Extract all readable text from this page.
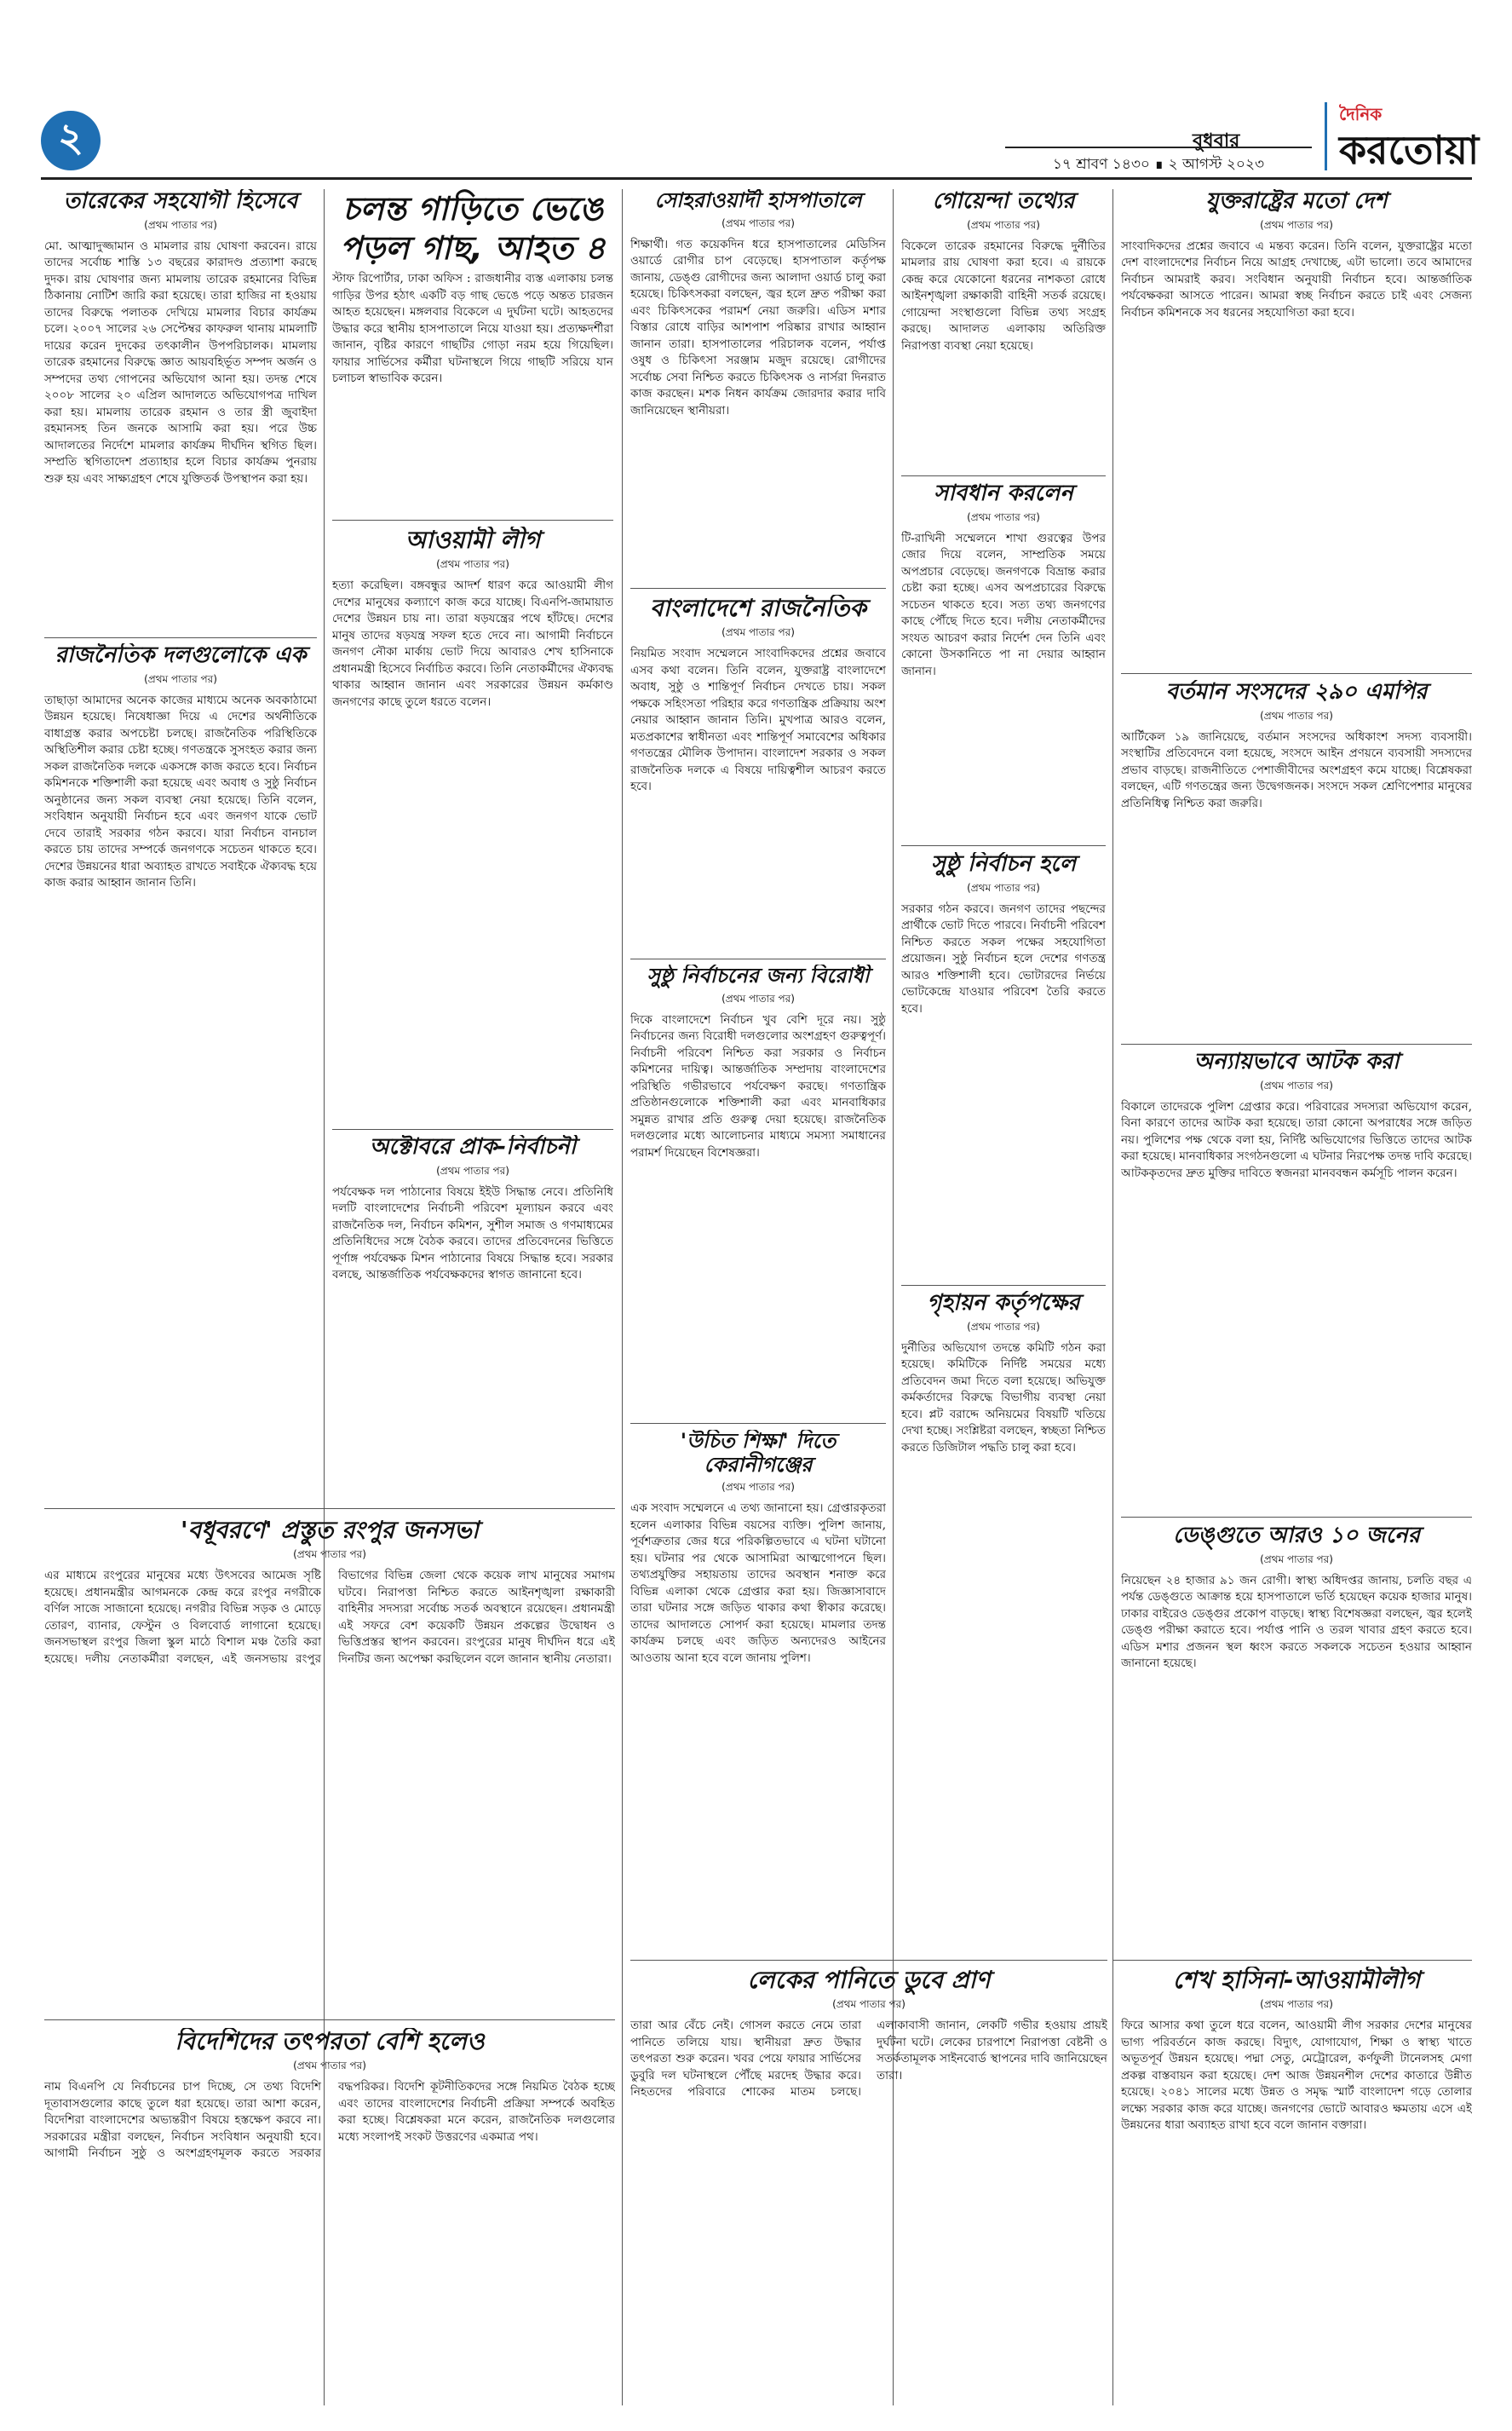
২	বুধবার
১৭ শ্রাবণ ১৪৩০ ∎ ২ আগস্ট ২০২৩
দৈনিক
করতোয়া
তারেকের সহযোগী হিসেবে
(প্রথম পাতার পর)

মো. আত্মাদুজ্জামান ও মামলার রায় ঘোষণা করবেন। রায়ে তাদের সর্বোচ্চ শাস্তি ১৩ বছরের কারাদণ্ড প্রত্যাশা করছে দুদক। রায় ঘোষণার জন্য মামলায় তারেক রহমানের বিভিন্ন ঠিকানায় নোটিশ জারি করা হয়েছে। তারা হাজির না হওয়ায় তাদের বিরুদ্ধে পলাতক দেখিয়ে মামলার বিচার কার্যক্রম চলে। ২০০৭ সালের ২৬ সেপ্টেম্বর কাফরুল থানায় মামলাটি দায়ের করেন দুদকের তৎকালীন উপপরিচালক। মামলায় তারেক রহমানের বিরুদ্ধে জ্ঞাত আয়বহির্ভূত সম্পদ অর্জন ও সম্পদের তথ্য গোপনের অভিযোগ আনা হয়। তদন্ত শেষে ২০০৮ সালের ২০ এপ্রিল আদালতে অভিযোগপত্র দাখিল করা হয়। মামলায় তারেক রহমান ও তার স্ত্রী জুবাইদা রহমানসহ তিন জনকে আসামি করা হয়। পরে উচ্চ আদালতের নির্দেশে মামলার কার্যক্রম দীর্ঘদিন স্থগিত ছিল। সম্প্রতি স্থগিতাদেশ প্রত্যাহার হলে বিচার কার্যক্রম পুনরায় শুরু হয় এবং সাক্ষ্যগ্রহণ শেষে যুক্তিতর্ক উপস্থাপন করা হয়।

রাজনৈতিক দলগুলোকে এক
(প্রথম পাতার পর)

তাছাড়া আমাদের অনেক কাজের মাধ্যমে অনেক অবকাঠামো উন্নয়ন হয়েছে। নিষেধাজ্ঞা দিয়ে এ দেশের অর্থনীতিকে বাধাগ্রস্ত করার অপচেষ্টা চলছে। রাজনৈতিক পরিস্থিতিকে অস্থিতিশীল করার চেষ্টা হচ্ছে। গণতন্ত্রকে সুসংহত করার জন্য সকল রাজনৈতিক দলকে একসঙ্গে কাজ করতে হবে। নির্বাচন কমিশনকে শক্তিশালী করা হয়েছে এবং অবাধ ও সুষ্ঠু নির্বাচন অনুষ্ঠানের জন্য সকল ব্যবস্থা নেয়া হয়েছে। তিনি বলেন, সংবিধান অনুযায়ী নির্বাচন হবে এবং জনগণ যাকে ভোট দেবে তারাই সরকার গঠন করবে। যারা নির্বাচন বানচাল করতে চায় তাদের সম্পর্কে জনগণকে সচেতন থাকতে হবে। দেশের উন্নয়নের ধারা অব্যাহত রাখতে সবাইকে ঐক্যবদ্ধ হয়ে কাজ করার আহ্বান জানান তিনি।

'বধূবরণে' প্রস্তুত রংপুর জনসভা
(প্রথম পাতার পর)

এর মাধ্যমে রংপুরের মানুষের মধ্যে উৎসবের আমেজ সৃষ্টি হয়েছে। প্রধানমন্ত্রীর আগমনকে কেন্দ্র করে রংপুর নগরীকে বর্ণিল সাজে সাজানো হয়েছে। নগরীর বিভিন্ন সড়ক ও মোড়ে তোরণ, ব্যানার, ফেস্টুন ও বিলবোর্ড লাগানো হয়েছে। জনসভাস্থল রংপুর জিলা স্কুল মাঠে বিশাল মঞ্চ তৈরি করা হয়েছে। দলীয় নেতাকর্মীরা বলছেন, এই জনসভায় রংপুর বিভাগের বিভিন্ন জেলা থেকে কয়েক লাখ মানুষের সমাগম ঘটবে। নিরাপত্তা নিশ্চিত করতে আইনশৃঙ্খলা রক্ষাকারী বাহিনীর সদস্যরা সর্বোচ্চ সতর্ক অবস্থানে রয়েছেন। প্রধানমন্ত্রী এই সফরে বেশ কয়েকটি উন্নয়ন প্রকল্পের উদ্বোধন ও ভিত্তিপ্রস্তর স্থাপন করবেন। রংপুরের মানুষ দীর্ঘদিন ধরে এই দিনটির জন্য অপেক্ষা করছিলেন বলে জানান স্থানীয় নেতারা।

বিদেশিদের তৎপরতা বেশি হলেও
(প্রথম পাতার পর)

নাম বিএনপি যে নির্বাচনের চাপ দিচ্ছে, সে তথ্য বিদেশি দূতাবাসগুলোর কাছে তুলে ধরা হয়েছে। তারা আশা করেন, বিদেশিরা বাংলাদেশের অভ্যন্তরীণ বিষয়ে হস্তক্ষেপ করবে না। সরকারের মন্ত্রীরা বলছেন, নির্বাচন সংবিধান অনুযায়ী হবে। আগামী নির্বাচন সুষ্ঠু ও অংশগ্রহণমূলক করতে সরকার বদ্ধপরিকর। বিদেশি কূটনীতিকদের সঙ্গে নিয়মিত বৈঠক হচ্ছে এবং তাদের বাংলাদেশের নির্বাচনী প্রক্রিয়া সম্পর্কে অবহিত করা হচ্ছে। বিশ্লেষকরা মনে করেন, রাজনৈতিক দলগুলোর মধ্যে সংলাপই সংকট উত্তরণের একমাত্র পথ।

চলন্ত গাড়িতে ভেঙে পড়ল গাছ, আহত ৪

স্টাফ রিপোর্টার, ঢাকা অফিস : রাজধানীর ব্যস্ত এলাকায় চলন্ত গাড়ির উপর হঠাৎ একটি বড় গাছ ভেঙে পড়ে অন্তত চারজন আহত হয়েছেন। মঙ্গলবার বিকেলে এ দুর্ঘটনা ঘটে। আহতদের উদ্ধার করে স্থানীয় হাসপাতালে নিয়ে যাওয়া হয়। প্রত্যক্ষদর্শীরা জানান, বৃষ্টির কারণে গাছটির গোড়া নরম হয়ে গিয়েছিল। ফায়ার সার্ভিসের কর্মীরা ঘটনাস্থলে গিয়ে গাছটি সরিয়ে যান চলাচল স্বাভাবিক করেন।

আওয়ামী লীগ
(প্রথম পাতার পর)

হত্যা করেছিল। বঙ্গবন্ধুর আদর্শ ধারণ করে আওয়ামী লীগ দেশের মানুষের কল্যাণে কাজ করে যাচ্ছে। বিএনপি-জামায়াত দেশের উন্নয়ন চায় না। তারা ষড়যন্ত্রের পথে হাঁটছে। দেশের মানুষ তাদের ষড়যন্ত্র সফল হতে দেবে না। আগামী নির্বাচনে জনগণ নৌকা মার্কায় ভোট দিয়ে আবারও শেখ হাসিনাকে প্রধানমন্ত্রী হিসেবে নির্বাচিত করবে। তিনি নেতাকর্মীদের ঐক্যবদ্ধ থাকার আহ্বান জানান এবং সরকারের উন্নয়ন কর্মকাণ্ড জনগণের কাছে তুলে ধরতে বলেন।

অক্টোবরে প্রাক-নির্বাচনী
(প্রথম পাতার পর)

পর্যবেক্ষক দল পাঠানোর বিষয়ে ইইউ সিদ্ধান্ত নেবে। প্রতিনিধি দলটি বাংলাদেশের নির্বাচনী পরিবেশ মূল্যায়ন করবে এবং রাজনৈতিক দল, নির্বাচন কমিশন, সুশীল সমাজ ও গণমাধ্যমের প্রতিনিধিদের সঙ্গে বৈঠক করবে। তাদের প্রতিবেদনের ভিত্তিতে পূর্ণাঙ্গ পর্যবেক্ষক মিশন পাঠানোর বিষয়ে সিদ্ধান্ত হবে। সরকার বলছে, আন্তর্জাতিক পর্যবেক্ষকদের স্বাগত জানানো হবে।

সোহরাওয়ার্দী হাসপাতালে
(প্রথম পাতার পর)

শিক্ষার্থী। গত কয়েকদিন ধরে হাসপাতালের মেডিসিন ওয়ার্ডে রোগীর চাপ বেড়েছে। হাসপাতাল কর্তৃপক্ষ জানায়, ডেঙ্গু রোগীদের জন্য আলাদা ওয়ার্ড চালু করা হয়েছে। চিকিৎসকরা বলছেন, জ্বর হলে দ্রুত পরীক্ষা করা এবং চিকিৎসকের পরামর্শ নেয়া জরুরি। এডিস মশার বিস্তার রোধে বাড়ির আশপাশ পরিষ্কার রাখার আহ্বান জানান তারা। হাসপাতালের পরিচালক বলেন, পর্যাপ্ত ওষুধ ও চিকিৎসা সরঞ্জাম মজুদ রয়েছে। রোগীদের সর্বোচ্চ সেবা নিশ্চিত করতে চিকিৎসক ও নার্সরা দিনরাত কাজ করছেন। মশক নিধন কার্যক্রম জোরদার করার দাবি জানিয়েছেন স্থানীয়রা।

বাংলাদেশে রাজনৈতিক
(প্রথম পাতার পর)

নিয়মিত সংবাদ সম্মেলনে সাংবাদিকদের প্রশ্নের জবাবে এসব কথা বলেন। তিনি বলেন, যুক্তরাষ্ট্র বাংলাদেশে অবাধ, সুষ্ঠু ও শান্তিপূর্ণ নির্বাচন দেখতে চায়। সকল পক্ষকে সহিংসতা পরিহার করে গণতান্ত্রিক প্রক্রিয়ায় অংশ নেয়ার আহ্বান জানান তিনি। মুখপাত্র আরও বলেন, মতপ্রকাশের স্বাধীনতা এবং শান্তিপূর্ণ সমাবেশের অধিকার গণতন্ত্রের মৌলিক উপাদান। বাংলাদেশ সরকার ও সকল রাজনৈতিক দলকে এ বিষয়ে দায়িত্বশীল আচরণ করতে হবে।

সুষ্ঠু নির্বাচনের জন্য বিরোধী
(প্রথম পাতার পর)

দিকে বাংলাদেশে নির্বাচন খুব বেশি দূরে নয়। সুষ্ঠু নির্বাচনের জন্য বিরোধী দলগুলোর অংশগ্রহণ গুরুত্বপূর্ণ। নির্বাচনী পরিবেশ নিশ্চিত করা সরকার ও নির্বাচন কমিশনের দায়িত্ব। আন্তর্জাতিক সম্প্রদায় বাংলাদেশের পরিস্থিতি গভীরভাবে পর্যবেক্ষণ করছে। গণতান্ত্রিক প্রতিষ্ঠানগুলোকে শক্তিশালী করা এবং মানবাধিকার সমুন্নত রাখার প্রতি গুরুত্ব দেয়া হয়েছে। রাজনৈতিক দলগুলোর মধ্যে আলোচনার মাধ্যমে সমস্যা সমাধানের পরামর্শ দিয়েছেন বিশেষজ্ঞরা।

'উচিত শিক্ষা' দিতে কেরানীগঞ্জের
(প্রথম পাতার পর)

এক সংবাদ সম্মেলনে এ তথ্য জানানো হয়। গ্রেপ্তারকৃতরা হলেন এলাকার বিভিন্ন বয়সের ব্যক্তি। পুলিশ জানায়, পূর্বশত্রুতার জের ধরে পরিকল্পিতভাবে এ ঘটনা ঘটানো হয়। ঘটনার পর থেকে আসামিরা আত্মগোপনে ছিল। তথ্যপ্রযুক্তির সহায়তায় তাদের অবস্থান শনাক্ত করে বিভিন্ন এলাকা থেকে গ্রেপ্তার করা হয়। জিজ্ঞাসাবাদে তারা ঘটনার সঙ্গে জড়িত থাকার কথা স্বীকার করেছে। তাদের আদালতে সোপর্দ করা হয়েছে। মামলার তদন্ত কার্যক্রম চলছে এবং জড়িত অন্যদেরও আইনের আওতায় আনা হবে বলে জানায় পুলিশ।

লেকের পানিতে ডুবে প্রাণ
(প্রথম পাতার পর)

তারা আর বেঁচে নেই। গোসল করতে নেমে তারা পানিতে তলিয়ে যায়। স্থানীয়রা দ্রুত উদ্ধার তৎপরতা শুরু করেন। খবর পেয়ে ফায়ার সার্ভিসের ডুবুরি দল ঘটনাস্থলে পৌঁছে মরদেহ উদ্ধার করে। নিহতদের পরিবারে শোকের মাতম চলছে। এলাকাবাসী জানান, লেকটি গভীর হওয়ায় প্রায়ই দুর্ঘটনা ঘটে। লেকের চারপাশে নিরাপত্তা বেষ্টনী ও সতর্কতামূলক সাইনবোর্ড স্থাপনের দাবি জানিয়েছেন তারা।

গোয়েন্দা তথ্যের
(প্রথম পাতার পর)

বিকেলে তারেক রহমানের বিরুদ্ধে দুর্নীতির মামলার রায় ঘোষণা করা হবে। এ রায়কে কেন্দ্র করে যেকোনো ধরনের নাশকতা রোধে আইনশৃঙ্খলা রক্ষাকারী বাহিনী সতর্ক রয়েছে। গোয়েন্দা সংস্থাগুলো বিভিন্ন তথ্য সংগ্রহ করছে। আদালত এলাকায় অতিরিক্ত নিরাপত্তা ব্যবস্থা নেয়া হয়েছে।

সাবধান করলেন
(প্রথম পাতার পর)

টি-রাখিনী সম্মেলনে শাখা গুরত্বের উপর জোর দিয়ে বলেন, সাম্প্রতিক সময়ে অপপ্রচার বেড়েছে। জনগণকে বিভ্রান্ত করার চেষ্টা করা হচ্ছে। এসব অপপ্রচারের বিরুদ্ধে সচেতন থাকতে হবে। সত্য তথ্য জনগণের কাছে পৌঁছে দিতে হবে। দলীয় নেতাকর্মীদের সংযত আচরণ করার নির্দেশ দেন তিনি এবং কোনো উসকানিতে পা না দেয়ার আহ্বান জানান।

সুষ্ঠু নির্বাচন হলে
(প্রথম পাতার পর)

সরকার গঠন করবে। জনগণ তাদের পছন্দের প্রার্থীকে ভোট দিতে পারবে। নির্বাচনী পরিবেশ নিশ্চিত করতে সকল পক্ষের সহযোগিতা প্রয়োজন। সুষ্ঠু নির্বাচন হলে দেশের গণতন্ত্র আরও শক্তিশালী হবে। ভোটারদের নির্ভয়ে ভোটকেন্দ্রে যাওয়ার পরিবেশ তৈরি করতে হবে।

গৃহায়ন কর্তৃপক্ষের
(প্রথম পাতার পর)

দুর্নীতির অভিযোগ তদন্তে কমিটি গঠন করা হয়েছে। কমিটিকে নির্দিষ্ট সময়ের মধ্যে প্রতিবেদন জমা দিতে বলা হয়েছে। অভিযুক্ত কর্মকর্তাদের বিরুদ্ধে বিভাগীয় ব্যবস্থা নেয়া হবে। প্লট বরাদ্দে অনিয়মের বিষয়টি খতিয়ে দেখা হচ্ছে। সংশ্লিষ্টরা বলছেন, স্বচ্ছতা নিশ্চিত করতে ডিজিটাল পদ্ধতি চালু করা হবে।

যুক্তরাষ্ট্রের মতো দেশ
(প্রথম পাতার পর)

সাংবাদিকদের প্রশ্নের জবাবে এ মন্তব্য করেন। তিনি বলেন, যুক্তরাষ্ট্রের মতো দেশ বাংলাদেশের নির্বাচন নিয়ে আগ্রহ দেখাচ্ছে, এটা ভালো। তবে আমাদের নির্বাচন আমরাই করব। সংবিধান অনুযায়ী নির্বাচন হবে। আন্তর্জাতিক পর্যবেক্ষকরা আসতে পারেন। আমরা স্বচ্ছ নির্বাচন করতে চাই এবং সেজন্য নির্বাচন কমিশনকে সব ধরনের সহযোগিতা করা হবে।

বর্তমান সংসদের ২৯০ এমপির
(প্রথম পাতার পর)

আর্টিকেল ১৯ জানিয়েছে, বর্তমান সংসদের অধিকাংশ সদস্য ব্যবসায়ী। সংস্থাটির প্রতিবেদনে বলা হয়েছে, সংসদে আইন প্রণয়নে ব্যবসায়ী সদস্যদের প্রভাব বাড়ছে। রাজনীতিতে পেশাজীবীদের অংশগ্রহণ কমে যাচ্ছে। বিশ্লেষকরা বলছেন, এটি গণতন্ত্রের জন্য উদ্বেগজনক। সংসদে সকল শ্রেণিপেশার মানুষের প্রতিনিধিত্ব নিশ্চিত করা জরুরি।

অন্যায়ভাবে আটক করা
(প্রথম পাতার পর)

বিকালে তাদেরকে পুলিশ গ্রেপ্তার করে। পরিবারের সদস্যরা অভিযোগ করেন, বিনা কারণে তাদের আটক করা হয়েছে। তারা কোনো অপরাধের সঙ্গে জড়িত নয়। পুলিশের পক্ষ থেকে বলা হয়, নির্দিষ্ট অভিযোগের ভিত্তিতে তাদের আটক করা হয়েছে। মানবাধিকার সংগঠনগুলো এ ঘটনার নিরপেক্ষ তদন্ত দাবি করেছে। আটককৃতদের দ্রুত মুক্তির দাবিতে স্বজনরা মানববন্ধন কর্মসূচি পালন করেন।

ডেঙ্গুতে আরও ১০ জনের
(প্রথম পাতার পর)

নিয়েছেন ২৪ হাজার ৯১ জন রোগী। স্বাস্থ্য অধিদপ্তর জানায়, চলতি বছর এ পর্যন্ত ডেঙ্গুতে আক্রান্ত হয়ে হাসপাতালে ভর্তি হয়েছেন কয়েক হাজার মানুষ। ঢাকার বাইরেও ডেঙ্গুর প্রকোপ বাড়ছে। স্বাস্থ্য বিশেষজ্ঞরা বলছেন, জ্বর হলেই ডেঙ্গু পরীক্ষা করাতে হবে। পর্যাপ্ত পানি ও তরল খাবার গ্রহণ করতে হবে। এডিস মশার প্রজনন স্থল ধ্বংস করতে সকলকে সচেতন হওয়ার আহ্বান জানানো হয়েছে।

শেখ হাসিনা-আওয়ামীলীগ
(প্রথম পাতার পর)

ফিরে আসার কথা তুলে ধরে বলেন, আওয়ামী লীগ সরকার দেশের মানুষের ভাগ্য পরিবর্তনে কাজ করছে। বিদ্যুৎ, যোগাযোগ, শিক্ষা ও স্বাস্থ্য খাতে অভূতপূর্ব উন্নয়ন হয়েছে। পদ্মা সেতু, মেট্রোরেল, কর্ণফুলী টানেলসহ মেগা প্রকল্প বাস্তবায়ন করা হয়েছে। দেশ আজ উন্নয়নশীল দেশের কাতারে উন্নীত হয়েছে। ২০৪১ সালের মধ্যে উন্নত ও সমৃদ্ধ স্মার্ট বাংলাদেশ গড়ে তোলার লক্ষ্যে সরকার কাজ করে যাচ্ছে। জনগণের ভোটে আবারও ক্ষমতায় এসে এই উন্নয়নের ধারা অব্যাহত রাখা হবে বলে জানান বক্তারা।
